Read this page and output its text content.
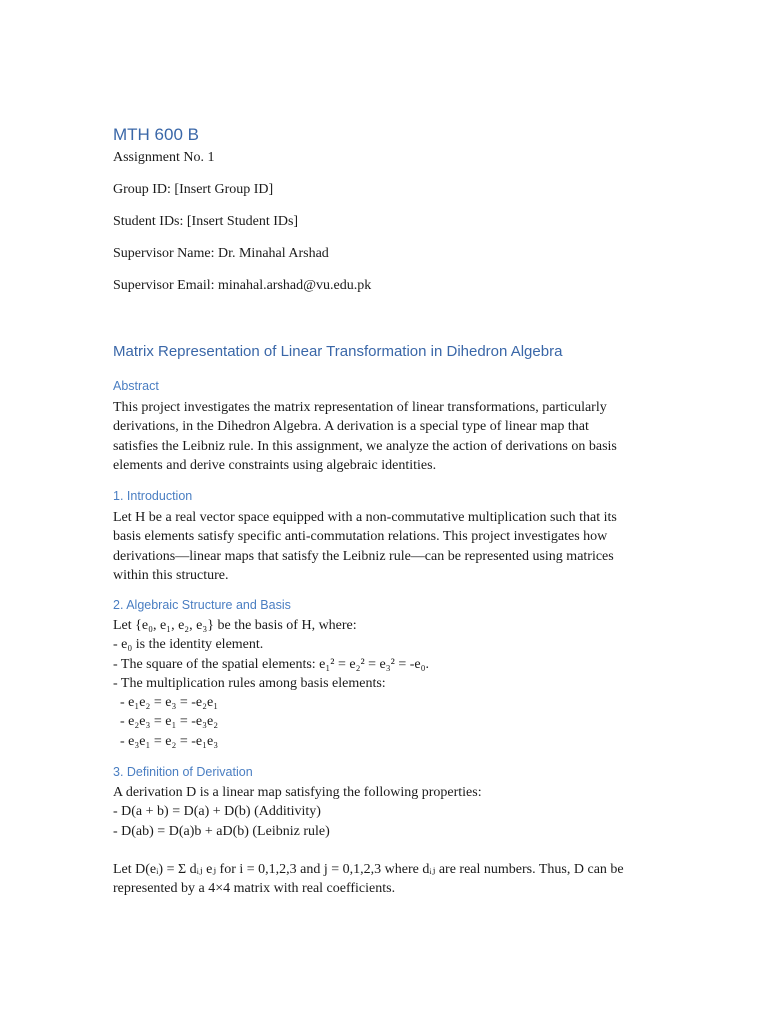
MTH 600 B
Assignment No. 1
Group ID: [Insert Group ID]
Student IDs: [Insert Student IDs]
Supervisor Name: Dr. Minahal Arshad
Supervisor Email: minahal.arshad@vu.edu.pk
Matrix Representation of Linear Transformation in Dihedron Algebra
Abstract
This project investigates the matrix representation of linear transformations, particularly
derivations, in the Dihedron Algebra. A derivation is a special type of linear map that
satisfies the Leibniz rule. In this assignment, we analyze the action of derivations on basis
elements and derive constraints using algebraic identities.
1. Introduction
Let H be a real vector space equipped with a non-commutative multiplication such that its
basis elements satisfy specific anti-commutation relations. This project investigates how
derivations—linear maps that satisfy the Leibniz rule—can be represented using matrices
within this structure.
2. Algebraic Structure and Basis
Let {e₀, e₁, e₂, e₃} be the basis of H, where:
- e₀ is the identity element.
- The square of the spatial elements: e₁² = e₂² = e₃² = -e₀.
- The multiplication rules among basis elements:
- e₁e₂ = e₃ = -e₂e₁
- e₂e₃ = e₁ = -e₃e₂
- e₃e₁ = e₂ = -e₁e₃
3. Definition of Derivation
A derivation D is a linear map satisfying the following properties:
- D(a + b) = D(a) + D(b) (Additivity)
- D(ab) = D(a)b + aD(b) (Leibniz rule)
Let D(eᵢ) = Σ dᵢⱼ eⱼ for i = 0,1,2,3 and j = 0,1,2,3 where dᵢⱼ are real numbers. Thus, D can be
represented by a 4×4 matrix with real coefficients.
